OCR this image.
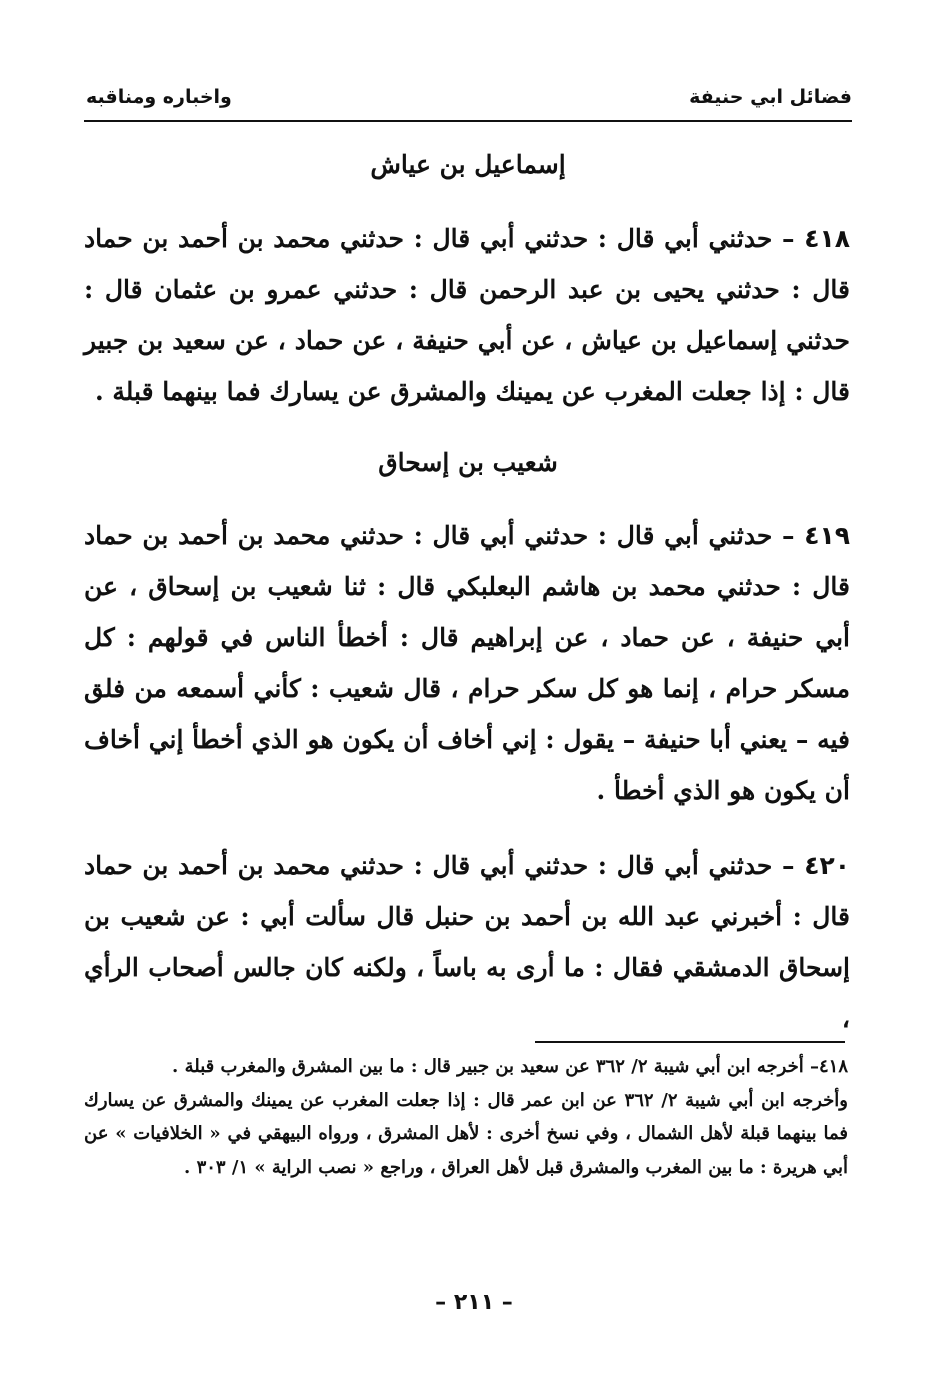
فضائل ابي حنيفة
واخباره ومناقبه
إسماعيل بن عياش
٤١٨ – حدثني أبي قال : حدثني أبي قال : حدثني محمد بن أحمد بن حماد قال : حدثني يحيى بن عبد الرحمن قال : حدثني عمرو بن عثمان قال : حدثني إسماعيل بن عياش ، عن أبي حنيفة ، عن حماد ، عن سعيد بن جبير قال : إذا جعلت المغرب عن يمينك والمشرق عن يسارك فما بينهما قبلة .
شعيب بن إسحاق
٤١٩ – حدثني أبي قال : حدثني أبي قال : حدثني محمد بن أحمد بن حماد قال : حدثني محمد بن هاشم البعلبكي قال : ثنا شعيب بن إسحاق ، عن أبي حنيفة ، عن حماد ، عن إبراهيم قال : أخطأ الناس في قولهم : كل مسكر حرام ، إنما هو كل سكر حرام ، قال شعيب : كأني أسمعه من فلق فيه – يعني أبا حنيفة – يقول : إني أخاف أن يكون هو الذي أخطأ إني أخاف أن يكون هو الذي أخطأ .
٤٢٠ – حدثني أبي قال : حدثني أبي قال : حدثني محمد بن أحمد بن حماد قال : أخبرني عبد الله بن أحمد بن حنبل قال سألت أبي : عن شعيب بن إسحاق الدمشقي فقال : ما أرى به باساً ، ولكنه كان جالس أصحاب الرأي ،
٤١٨– أخرجه ابن أبي شيبة ٢/ ٣٦٢ عن سعيد بن جبير قال : ما بين المشرق والمغرب قبلة .
وأخرجه ابن أبي شيبة ٢/ ٣٦٢ عن ابن عمر قال : إذا جعلت المغرب عن يمينك والمشرق عن يسارك فما بينهما قبلة لأهل الشمال ، وفي نسخ أخرى : لأهل المشرق ، ورواه البيهقي في « الخلافيات » عن أبي هريرة : ما بين المغرب والمشرق قبل لأهل العراق ، وراجع « نصب الراية » ١/ ٣٠٣ .
– ٢١١ –
